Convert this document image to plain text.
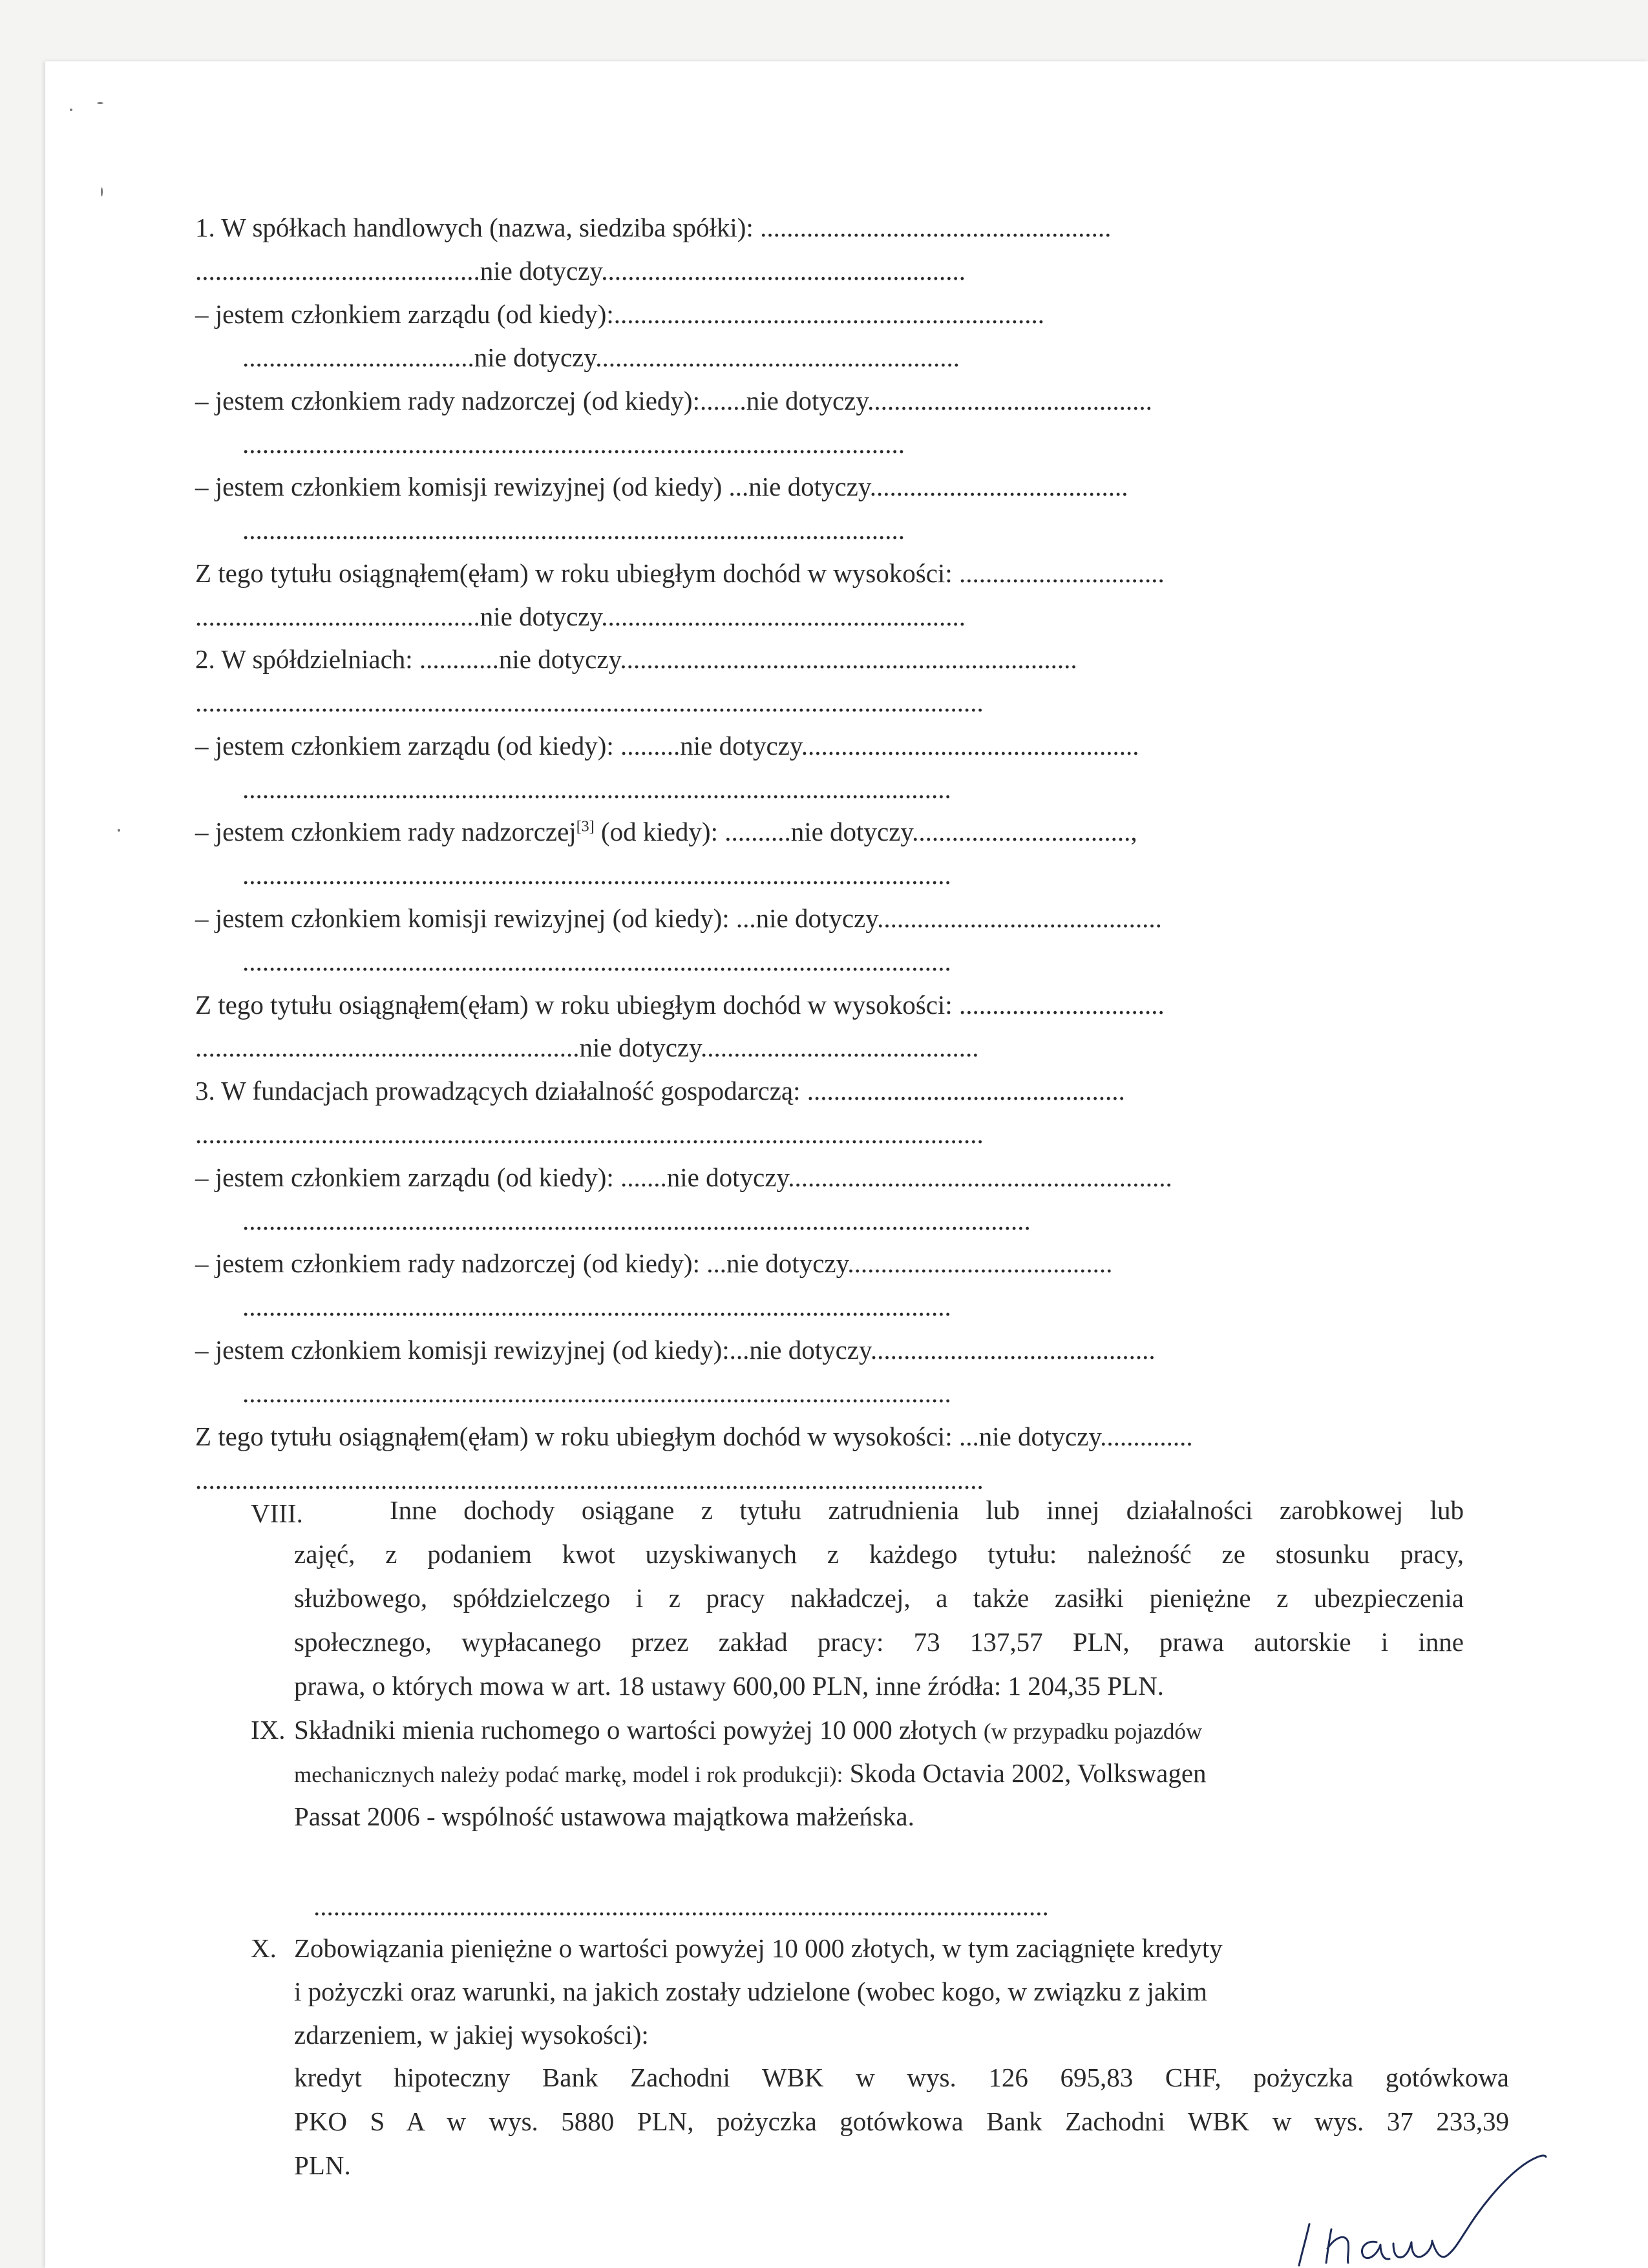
1. W spółkach handlowych (nazwa, siedziba spółki): .....................................................
...........................................nie dotyczy.......................................................
– jestem członkiem zarządu (od kiedy):.................................................................
...................................nie dotyczy.......................................................
– jestem członkiem rady nadzorczej (od kiedy):.......nie dotyczy...........................................
....................................................................................................
– jestem członkiem komisji rewizyjnej (od kiedy) ...nie dotyczy.......................................
....................................................................................................
Z tego tytułu osiągnąłem(ęłam) w roku ubiegłym dochód w wysokości: ...............................
...........................................nie dotyczy.......................................................
2. W spółdzielniach: ............nie dotyczy.....................................................................
.......................................................................................................................
– jestem członkiem zarządu (od kiedy): .........nie dotyczy...................................................
...........................................................................................................
– jestem członkiem rady nadzorczej[3] (od kiedy): ..........nie dotyczy.................................,
...........................................................................................................
– jestem członkiem komisji rewizyjnej (od kiedy): ...nie dotyczy...........................................
...........................................................................................................
Z tego tytułu osiągnąłem(ęłam) w roku ubiegłym dochód w wysokości: ...............................
..........................................................nie dotyczy..........................................
3. W fundacjach prowadzących działalność gospodarczą: ................................................
.......................................................................................................................
– jestem członkiem zarządu (od kiedy): .......nie dotyczy..........................................................
.......................................................................................................................
– jestem członkiem rady nadzorczej (od kiedy): ...nie dotyczy........................................
...........................................................................................................
– jestem członkiem komisji rewizyjnej (od kiedy):...nie dotyczy...........................................
...........................................................................................................
Z tego tytułu osiągnąłem(ęłam) w roku ubiegłym dochód w wysokości: ...nie dotyczy..............
.......................................................................................................................
VIII.	Inne dochody osiągane z tytułu zatrudnienia lub innej działalności zarobkowej lub
zajęć, z podaniem kwot uzyskiwanych z każdego tytułu: należność ze stosunku pracy,
służbowego, spółdzielczego i z pracy nakładczej, a także zasiłki pieniężne z ubezpieczenia
społecznego, wypłacanego przez zakład pracy: 73 137,57 PLN, prawa autorskie i inne
prawa, o których mowa w art. 18 ustawy 600,00 PLN, inne źródła: 1 204,35 PLN.
IX. Składniki mienia ruchomego o wartości powyżej 10 000 złotych (w przypadku pojazdów
mechanicznych należy podać markę, model i rok produkcji): Skoda Octavia 2002, Volkswagen
Passat 2006 - wspólność ustawowa majątkowa małżeńska.
...............................................................................................................
X. Zobowiązania pieniężne o wartości powyżej 10 000 złotych, w tym zaciągnięte kredyty
i pożyczki oraz warunki, na jakich zostały udzielone (wobec kogo, w związku z jakim
zdarzeniem, w jakiej wysokości):
kredyt hipoteczny Bank Zachodni WBK w wys. 126 695,83 CHF, pożyczka gotówkowa
PKO S A w wys. 5880 PLN, pożyczka gotówkowa Bank Zachodni WBK w wys. 37 233,39
PLN.
